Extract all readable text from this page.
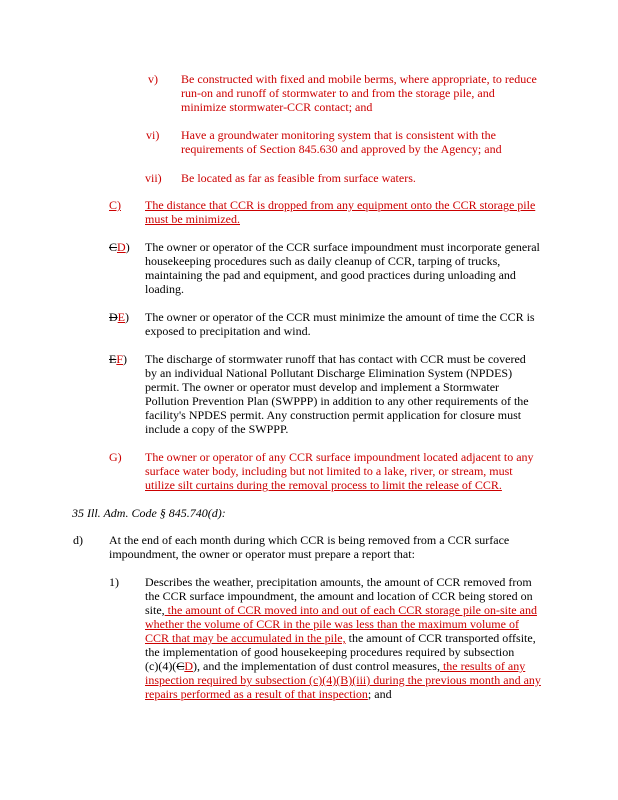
v) Be constructed with fixed and mobile berms, where appropriate, to reduce
run-on and runoff of stormwater to and from the storage pile, and
minimize stormwater-CCR contact; and
vi) Have a groundwater monitoring system that is consistent with the
requirements of Section 845.630 and approved by the Agency; and
vii) Be located as far as feasible from surface waters.
C) The distance that CCR is dropped from any equipment onto the CCR storage pile
must be minimized.
CD) The owner or operator of the CCR surface impoundment must incorporate general
housekeeping procedures such as daily cleanup of CCR, tarping of trucks,
maintaining the pad and equipment, and good practices during unloading and
loading.
DE) The owner or operator of the CCR must minimize the amount of time the CCR is
exposed to precipitation and wind.
EF) The discharge of stormwater runoff that has contact with CCR must be covered
by an individual National Pollutant Discharge Elimination System (NPDES)
permit. The owner or operator must develop and implement a Stormwater
Pollution Prevention Plan (SWPPP) in addition to any other requirements of the
facility's NPDES permit. Any construction permit application for closure must
include a copy of the SWPPP.
G) The owner or operator of any CCR surface impoundment located adjacent to any
surface water body, including but not limited to a lake, river, or stream, must
utilize silt curtains during the removal process to limit the release of CCR.
35 Ill. Adm. Code § 845.740(d):
d) At the end of each month during which CCR is being removed from a CCR surface
impoundment, the owner or operator must prepare a report that:
1) Describes the weather, precipitation amounts, the amount of CCR removed from
the CCR surface impoundment, the amount and location of CCR being stored on
site, the amount of CCR moved into and out of each CCR storage pile on-site and
whether the volume of CCR in the pile was less than the maximum volume of
CCR that may be accumulated in the pile, the amount of CCR transported offsite,
the implementation of good housekeeping procedures required by subsection
(c)(4)(CD), and the implementation of dust control measures, the results of any
inspection required by subsection (c)(4)(B)(iii) during the previous month and any
repairs performed as a result of that inspection; and
